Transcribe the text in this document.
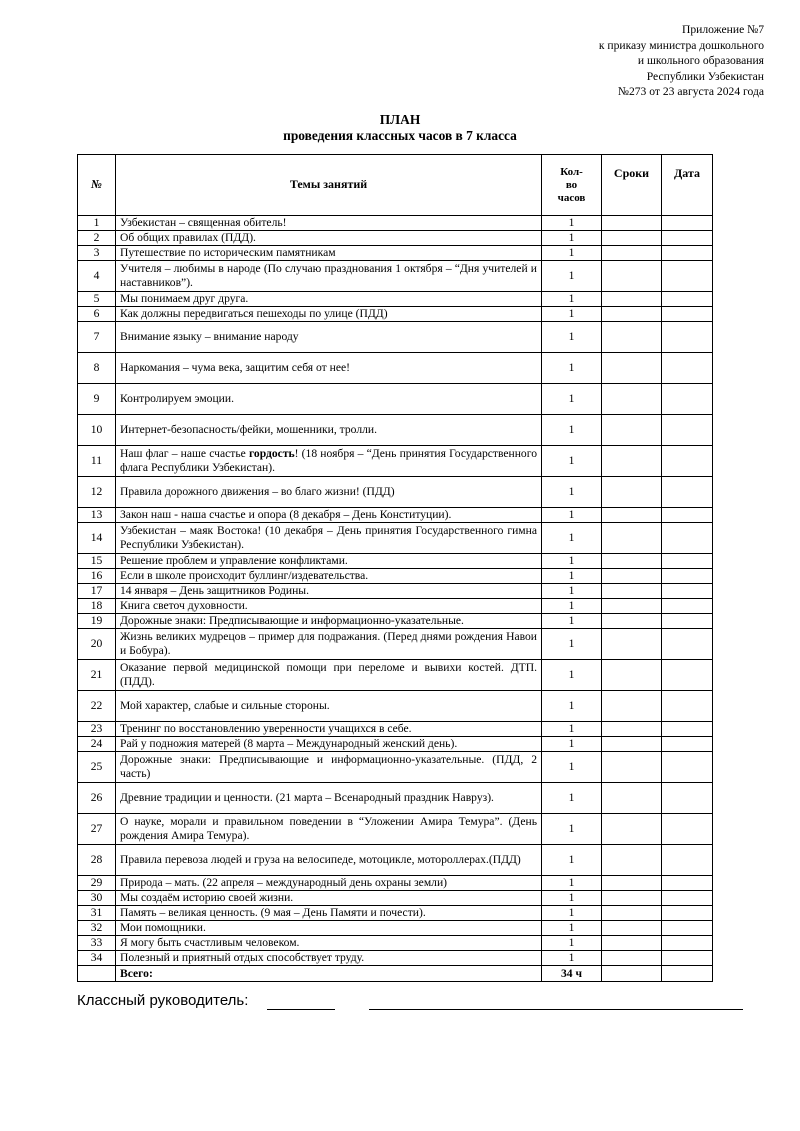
Приложение №7
к приказу министра дошкольного
и школьного образования
Республики Узбекистан
№273 от 23 августа 2024 года
ПЛАН
проведения классных часов в 7 класса
№	Темы занятий	Кол-
во
часов	Сроки	Дата
1	Узбекистан – священная обитель!	1		
2	Об общих правилах (ПДД).	1		
3	Путешествие по историческим памятникам	1		
4	Учителя – любимы в народе (По случаю празднования 1 октября – “Дня учителей и наставников”).	1		
5	Мы понимаем друг друга.	1		
6	Как должны передвигаться пешеходы по улице (ПДД)	1		
7	Внимание языку – внимание народу	1		
8	Наркомания – чума века, защитим себя от нее!	1		
9	Контролируем эмоции.	1		
10	Интернет-безопасность/фейки, мошенники, тролли.	1		
11	Наш флаг – наше счастье гордость! (18 ноября – “День принятия Государственного флага Республики Узбекистан).	1		
12	Правила дорожного движения – во благо жизни! (ПДД)	1		
13	Закон наш - наша счастье и опора (8 декабря – День Конституции).	1		
14	Узбекистан – маяк Востока! (10 декабря – День принятия Государственного гимна Республики Узбекистан).	1		
15	Решение проблем и управление конфликтами.	1		
16	Если в школе происходит буллинг/издевательства.	1		
17	14 января – День защитников Родины.	1		
18	Книга светоч духовности.	1		
19	Дорожные знаки: Предписывающие и информационно-указательные.	1		
20	Жизнь великих мудрецов – пример для подражания. (Перед днями рождения Навои и Бобура).	1		
21	Оказание первой медицинской помощи при переломе и вывихи костей. ДТП. (ПДД).	1		
22	Мой характер, слабые и сильные стороны.	1		
23	Тренинг по восстановлению уверенности учащихся в себе.	1		
24	Рай у подножия матерей (8 марта – Международный женский день).	1		
25	Дорожные знаки: Предписывающие и информационно-указательные. (ПДД, 2 часть)	1		
26	Древние традиции и ценности. (21 марта – Всенародный праздник Навруз).	1		
27	О науке, морали и правильном поведении в “Уложении Амира Темура”. (День рождения Амира Темура).	1		
28	Правила перевоза людей и груза на велосипеде, мотоцикле, мотороллерах.(ПДД)	1		
29	Природа – мать. (22 апреля – международный день охраны земли)	1		
30	Мы создаём историю своей жизни.	1		
31	Память – великая ценность. (9 мая – День Памяти и почести).	1		
32	Мои помощники.	1		
33	Я могу быть счастливым человеком.	1		
34	Полезный и приятный отдых способствует труду.	1		
	Всего:	34 ч		
Классный руководитель:
